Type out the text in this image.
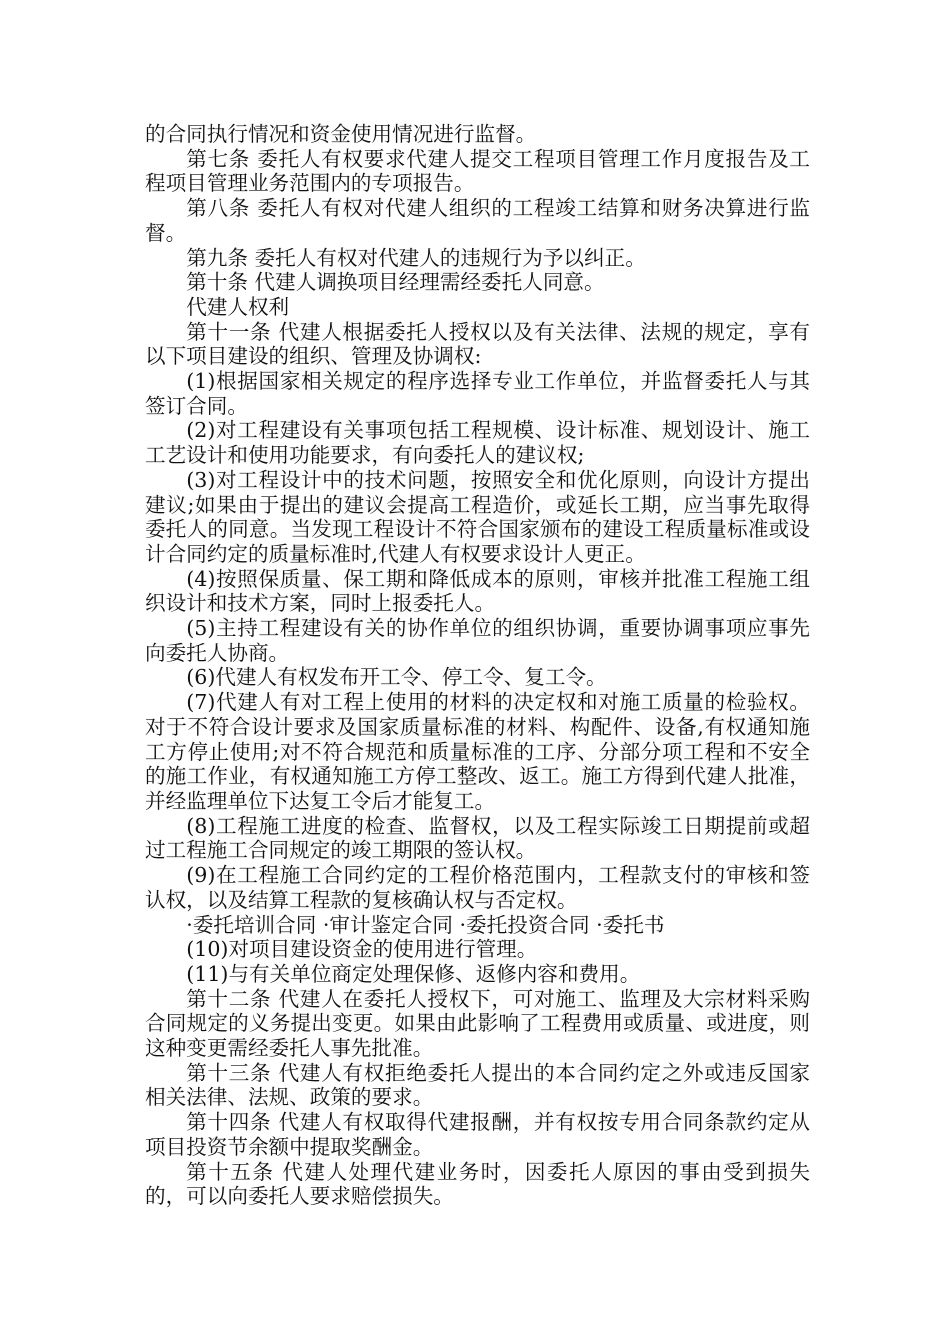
的合同执行情况和资金使用情况进行监督。

第七条 委托人有权要求代建人提交工程项目管理工作月度报告及工程项目管理业务范围内的专项报告。

第八条 委托人有权对代建人组织的工程竣工结算和财务决算进行监督。

第九条 委托人有权对代建人的违规行为予以纠正。

第十条 代建人调换项目经理需经委托人同意。

代建人权利

第十一条 代建人根据委托人授权以及有关法律、法规的规定，享有以下项目建设的组织、管理及协调权:

(1)根据国家相关规定的程序选择专业工作单位，并监督委托人与其签订合同。

(2)对工程建设有关事项包括工程规模、设计标准、规划设计、施工工艺设计和使用功能要求，有向委托人的建议权;

(3)对工程设计中的技术问题，按照安全和优化原则，向设计方提出建议;如果由于提出的建议会提高工程造价，或延长工期，应当事先取得委托人的同意。当发现工程设计不符合国家颁布的建设工程质量标准或设计合同约定的质量标准时,代建人有权要求设计人更正。

(4)按照保质量、保工期和降低成本的原则，审核并批准工程施工组织设计和技术方案，同时上报委托人。

(5)主持工程建设有关的协作单位的组织协调，重要协调事项应事先向委托人协商。

(6)代建人有权发布开工令、停工令、复工令。

(7)代建人有对工程上使用的材料的决定权和对施工质量的检验权。对于不符合设计要求及国家质量标准的材料、构配件、设备,有权通知施工方停止使用;对不符合规范和质量标准的工序、分部分项工程和不安全的施工作业，有权通知施工方停工整改、返工。施工方得到代建人批准，并经监理单位下达复工令后才能复工。

(8)工程施工进度的检查、监督权，以及工程实际竣工日期提前或超过工程施工合同规定的竣工期限的签认权。

(9)在工程施工合同约定的工程价格范围内，工程款支付的审核和签认权，以及结算工程款的复核确认权与否定权。

·委托培训合同 ·审计鉴定合同 ·委托投资合同 ·委托书

(10)对项目建设资金的使用进行管理。

(11)与有关单位商定处理保修、返修内容和费用。

第十二条 代建人在委托人授权下，可对施工、监理及大宗材料采购合同规定的义务提出变更。如果由此影响了工程费用或质量、或进度，则这种变更需经委托人事先批准。

第十三条 代建人有权拒绝委托人提出的本合同约定之外或违反国家相关法律、法规、政策的要求。

第十四条 代建人有权取得代建报酬，并有权按专用合同条款约定从项目投资节余额中提取奖酬金。

第十五条 代建人处理代建业务时，因委托人原因的事由受到损失的，可以向委托人要求赔偿损失。
